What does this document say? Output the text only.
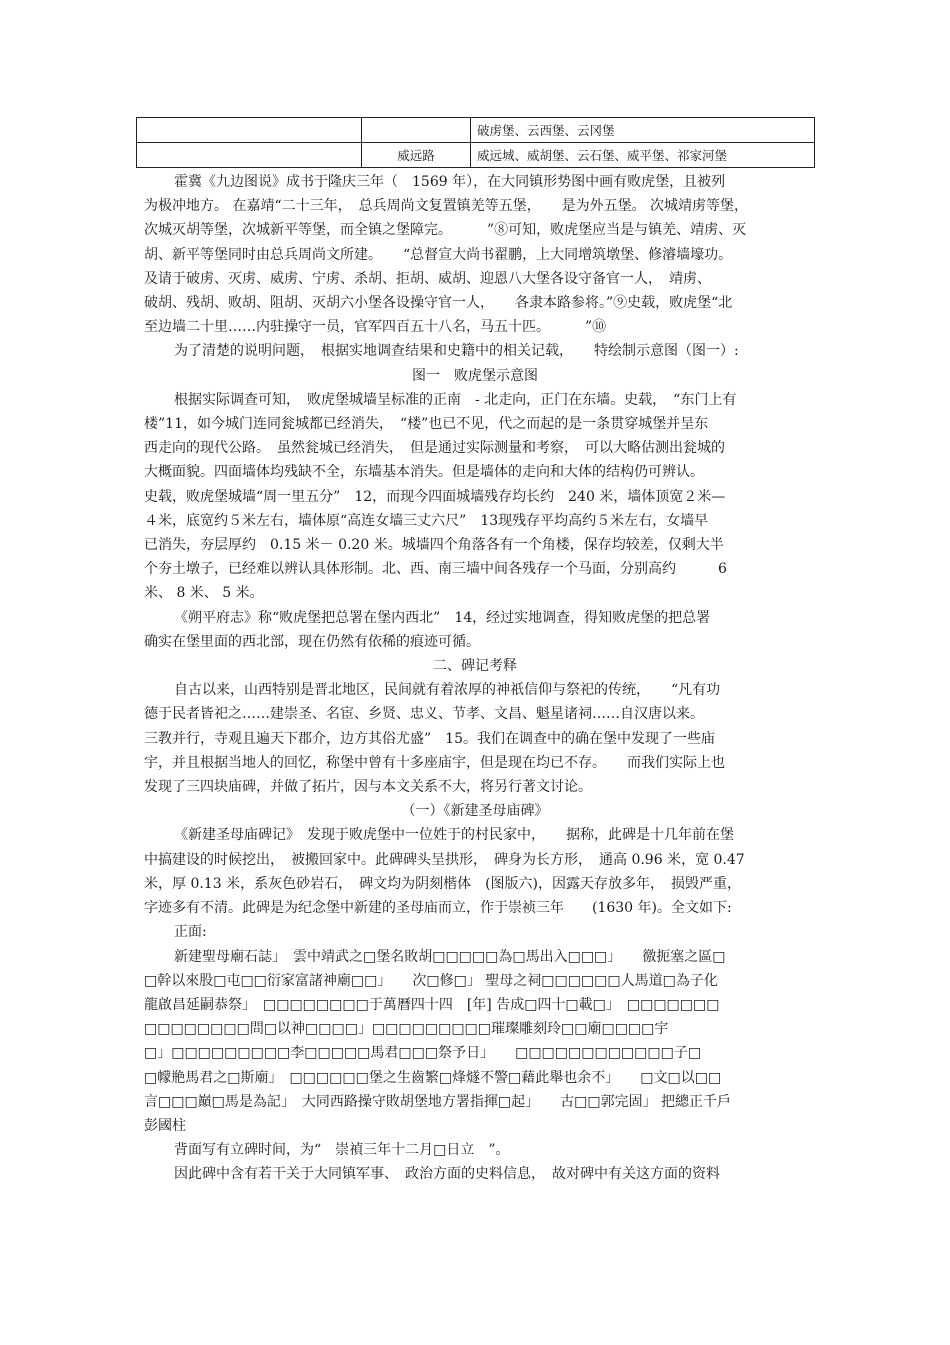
		破虏堡、云西堡、云冈堡
	威远路	威远城、威胡堡、云石堡、威平堡、祁家河堡

霍冀《九边图说》成书于隆庆三年（　1569 年），在大同镇形势图中画有败虎堡，且被列

为极冲地方。 在嘉靖“二十三年，　总兵周尚文复置镇羌等五堡，　　是为外五堡。 次城靖虏等堡，

次城灭胡等堡，次城新平等堡，而全镇之堡障完。　　　”⑧可知，败虎堡应当是与镇羌、靖虏、灭

胡、新平等堡同时由总兵周尚文所建。　　“总督宣大尚书翟鹏，上大同增筑墩堡、修濬墙壕功。

及请于破虏、灭虏、威虏、宁虏、杀胡、拒胡、威胡、迎恩八大堡各设守备官一人，　靖虏、

破胡、残胡、败胡、阻胡、灭胡六小堡各设操守官一人，　　各隶本路参将。”⑨史载，败虎堡“北

至边墙二十里……内驻操守一员，官军四百五十八名，马五十匹。　　　”⑩

为了清楚的说明问题，　根据实地调查结果和史籍中的相关记载，　　特绘制示意图（图一）:

图一　败虎堡示意图

根据实际调查可知，　败虎堡城墙呈标准的正南　- 北走向，正门在东墙。史载，　“东门上有

楼”11，如今城门连同瓮城都已经消失，　“楼”也已不见，代之而起的是一条贯穿城堡并呈东

西走向的现代公路。　虽然瓮城已经消失，　但是通过实际测量和考察，　可以大略估测出瓮城的

大概面貌。四面墙体均残缺不全，东墙基本消失。但是墙体的走向和大体的结构仍可辨认。

史载，败虎堡城墙“周一里五分”　12，而现今四面城墙残存均长约　240 米，墙体顶宽２米—

４米，底宽约５米左右，墙体原“高连女墙三丈六尺”　13现残存平均高约５米左右，女墙早

已消失，夯层厚约　0.15 米－ 0.20 米。城墙四个角落各有一个角楼，保存均较差，仅剩大半

个夯土墩子，已经难以辨认具体形制。北、西、南三墙中间各残存一个马面，分别高约　　　6

米、 8 米、 5 米。

《朔平府志》称“败虎堡把总署在堡内西北”　14，经过实地调查，得知败虎堡的把总署

确实在堡里面的西北部，现在仍然有依稀的痕迹可循。

二、碑记考释

自古以来，山西特别是晋北地区，民间就有着浓厚的神祇信仰与祭祀的传统，　　“凡有功

德于民者皆祀之……建崇圣、名宦、乡贤、忠义、节孝、文昌、魁星诸祠……自汉唐以来。

三教并行，寺观且遍天下郡介，边方其俗尤盛”　15。我们在调查中的确在堡中发现了一些庙

宇，并且根据当地人的回忆，称堡中曾有十多座庙宇，但是现在均已不存。　　而我们实际上也

发现了三四块庙碑，并做了拓片，因与本文关系不大，将另行著文讨论。

（一）《新建圣母庙碑》

《新建圣母庙碑记》　发现于败虎堡中一位姓于的村民家中，　　据称，此碑是十几年前在堡

中搞建设的时候挖出，　被搬回家中。此碑碑头呈拱形，　碑身为长方形，　通高 0.96 米，宽 0.47

米，厚 0.13 米，系灰色砂岩石，　碑文均为阴刻楷体　(图版六)，因露天存放多年，　损毁严重，

字迹多有不清。此碑是为纪念堡中新建的圣母庙而立，作于崇祯三年　　(1630 年)。全文如下:

正面:

新建聖母廟石誌」　雲中靖武之□堡名敗胡□□□□□為□馬出入□□□」　　徼扼塞之區□

□幹以來股□屯□□衍家富諸神廟□□」　　次□修□」 聖母之祠□□□□□□人馬道□為子化

龍啟昌延嗣恭祭」　□□□□□□□□于萬曆四十四　[年] 告成□四十□載□」　□□□□□□□

□□□□□□□□問□以神□□□□」□□□□□□□□□璀璨雕刻玲□□廟□□□□宇

□」□□□□□□□□□李□□□□□馬君□□□祭予日」　　□□□□□□□□□□□□子□

□幪艵馬君之□斯廟」　□□□□□□堡之生齒繁□烽燧不警□藉此舉也余不」　　□文□以□□

言□□□巔□馬是為記」　大同西路操守敗胡堡地方署指揮□起」　　古□□郭完固」 把總正千戶

彭國柱

背面写有立碑时间，为“　崇禎三年十二月□日立　”。

因此碑中含有若干关于大同镇军事、　政治方面的史料信息，　故对碑中有关这方面的资料
